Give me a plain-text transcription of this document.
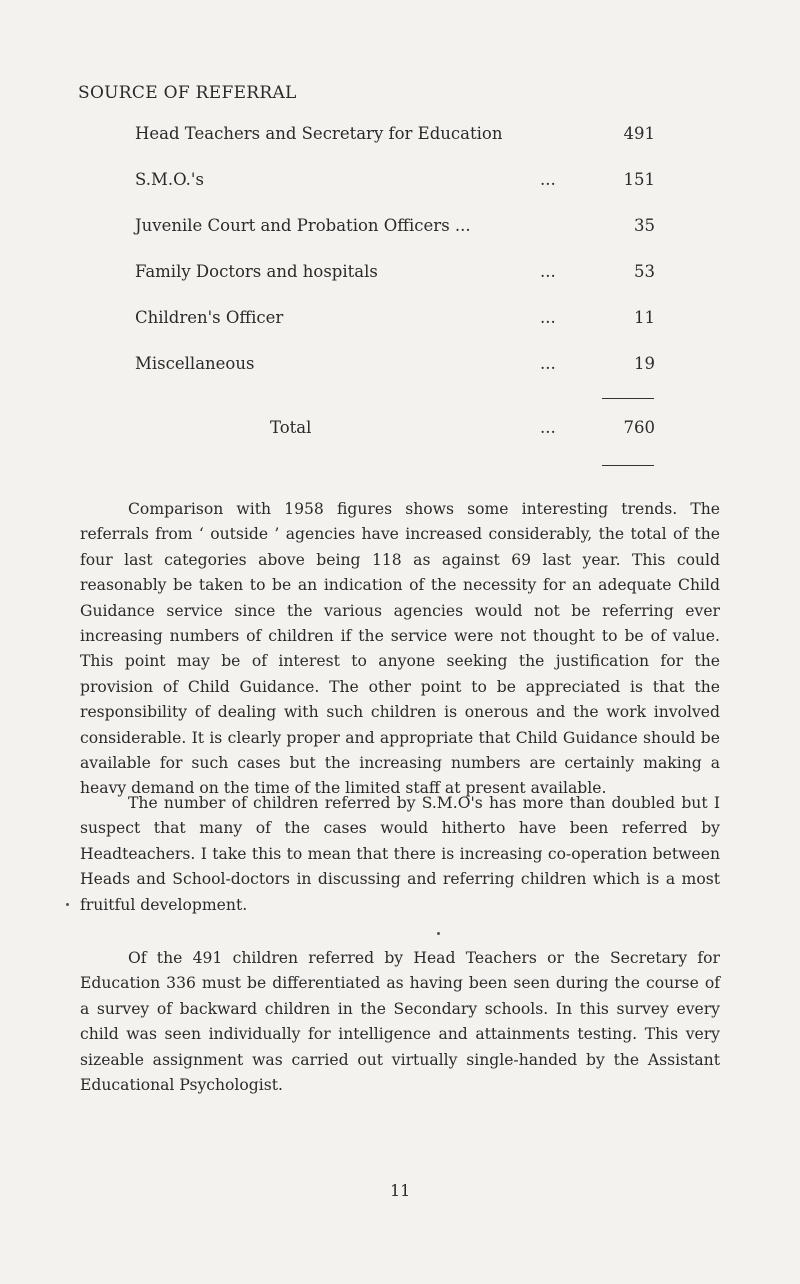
SOURCE OF REFERRAL
Head Teachers and Secretary for Education	491
S.M.O.'s	...	151
Juvenile Court and Probation Officers ...	35
Family Doctors and hospitals	...	53
Children's Officer	...	11
Miscellaneous	...	19
Total	...	760

Comparison with 1958 figures shows some interesting trends. The referrals from ‘ outside ’ agencies have increased considerably, the total of the four last categories above being 118 as against 69 last year. This could reasonably be taken to be an indication of the necessity for an adequate Child Guidance service since the various agencies would not be referring ever increasing numbers of children if the service were not thought to be of value. This point may be of interest to anyone seeking the justification for the provision of Child Guidance. The other point to be appreciated is that the responsibility of dealing with such children is onerous and the work involved considerable. It is clearly proper and appropriate that Child Guidance should be available for such cases but the increasing numbers are certainly making a heavy demand on the time of the limited staff at present available.

The number of children referred by S.M.O's has more than doubled but I suspect that many of the cases would hitherto have been referred by Headteachers. I take this to mean that there is increasing co-operation between Heads and School-doctors in discussing and referring children which is a most fruitful development.

Of the 491 children referred by Head Teachers or the Secretary for Education 336 must be differentiated as having been seen during the course of a survey of backward children in the Secondary schools. In this survey every child was seen individually for intelligence and attainments testing. This very sizeable assignment was carried out virtually single-handed by the Assistant Educational Psychologist.

11
